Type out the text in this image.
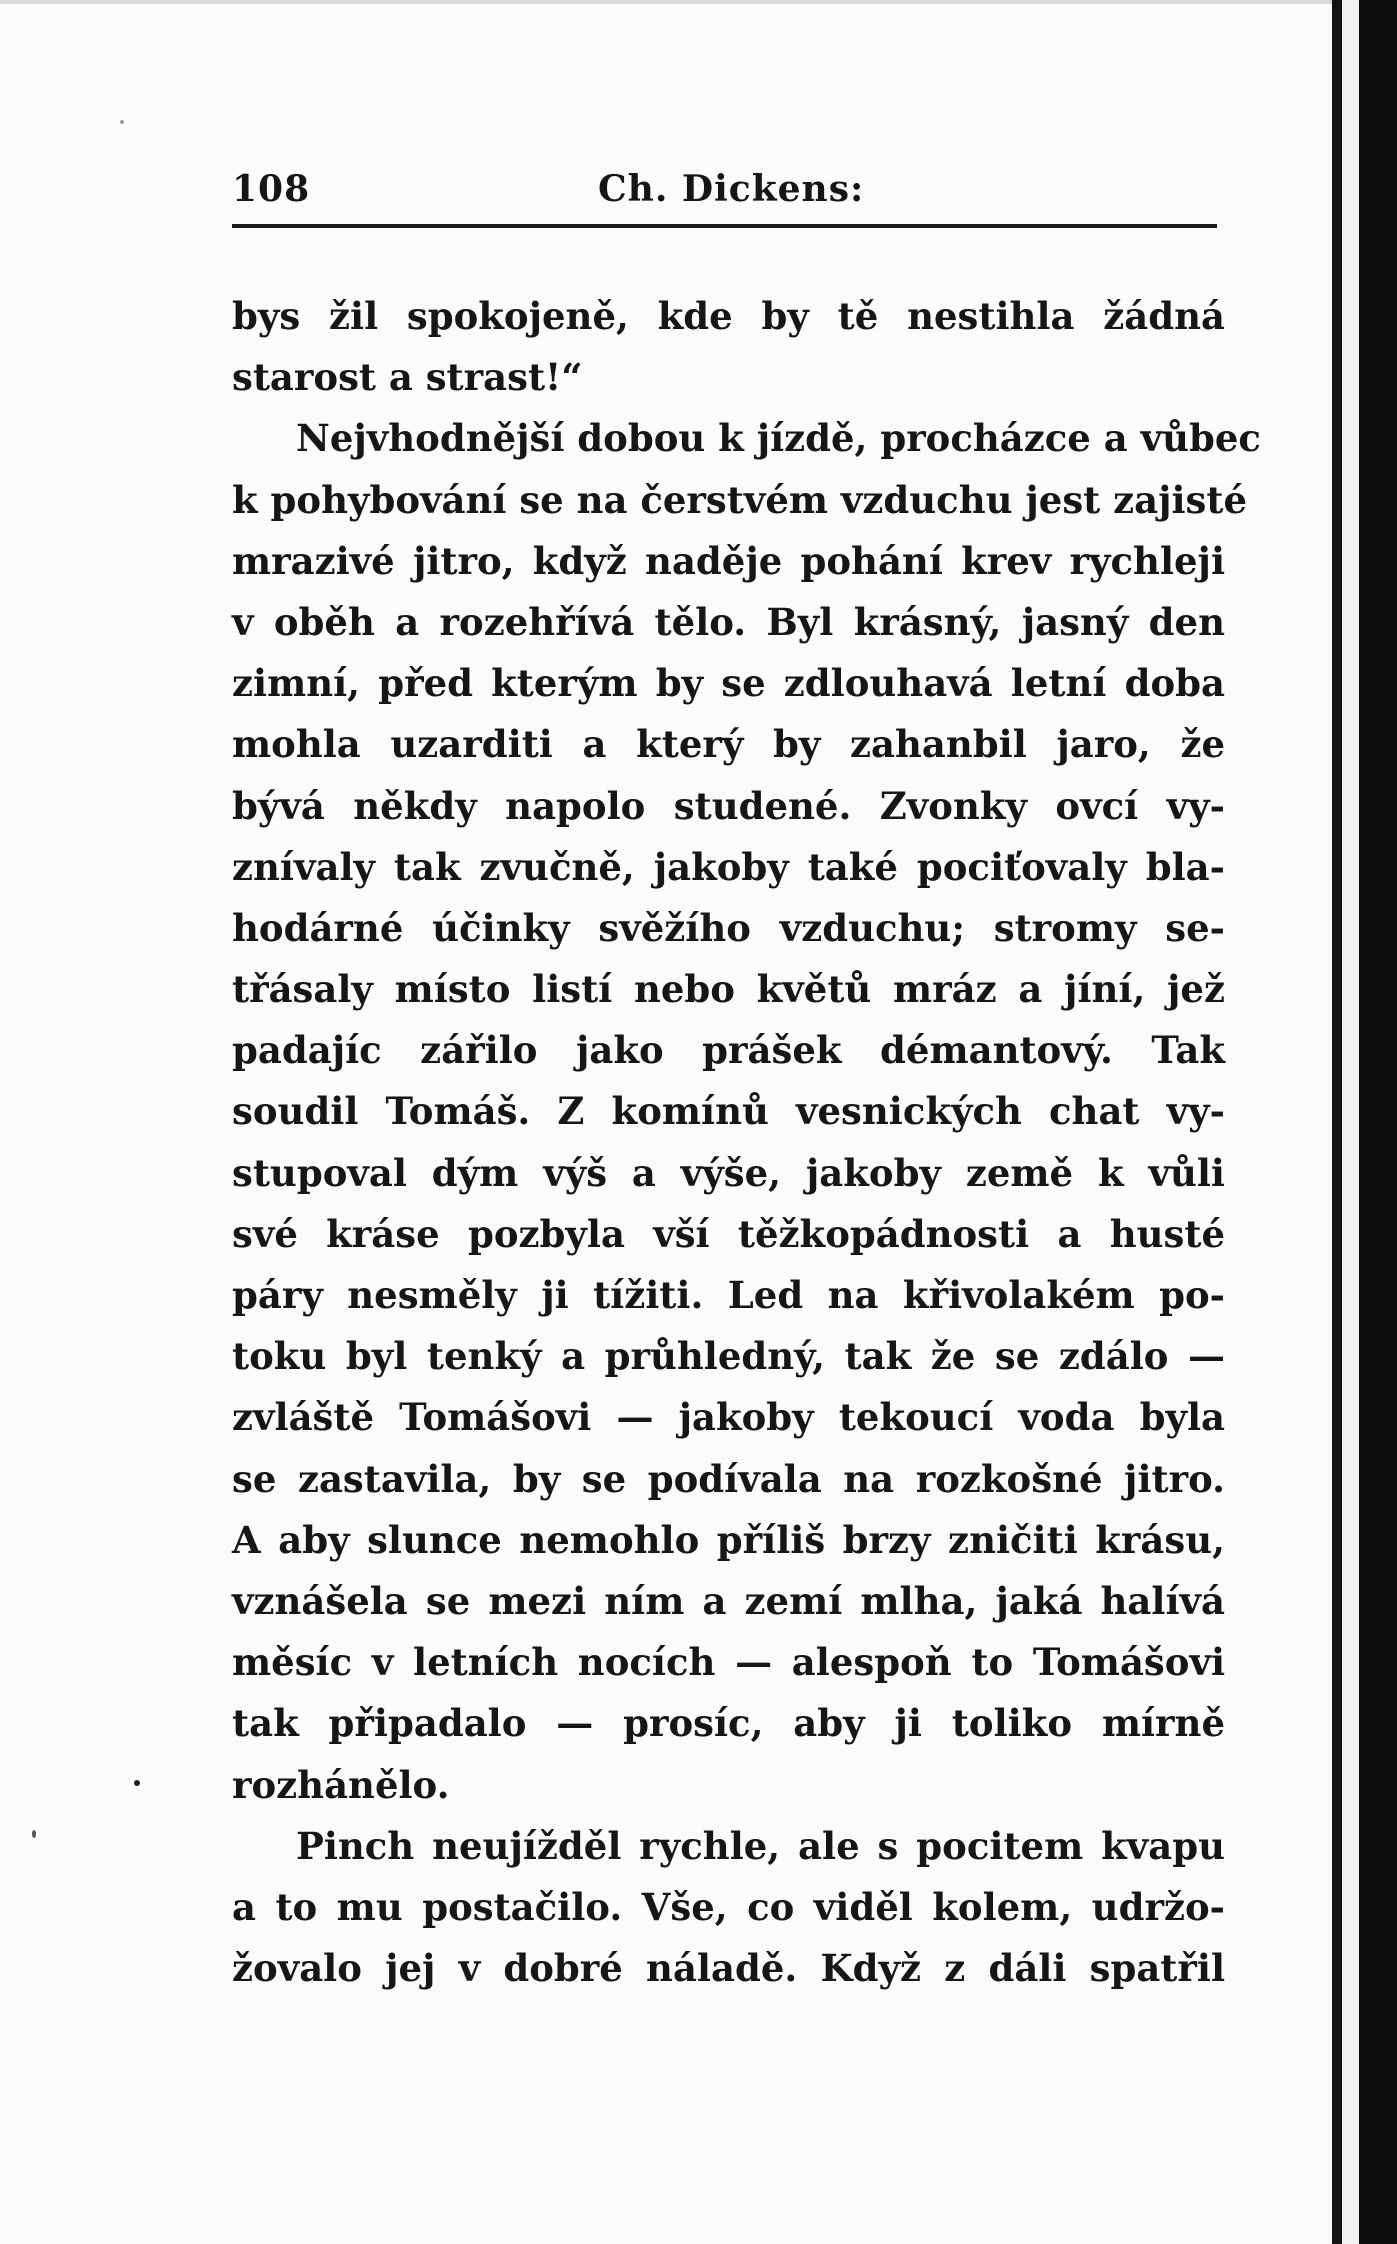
108	Ch. Dickens:
bys žil spokojeně, kde by tě nestihla žádná
starost a strast!“
Nejvhodnější dobou k jízdě, procházce a vůbec
k pohybování se na čerstvém vzduchu jest zajisté
mrazivé jitro, když naděje pohání krev rychleji
v oběh a rozehřívá tělo. Byl krásný, jasný den
zimní, před kterým by se zdlouhavá letní doba
mohla uzarditi a který by zahanbil jaro, že
bývá někdy napolo studené. Zvonky ovcí vy-
znívaly tak zvučně, jakoby také pociťovaly bla-
hodárné účinky svěžího vzduchu; stromy se-
třásaly místo listí nebo květů mráz a jíní, jež
padajíc zářilo jako prášek démantový. Tak
soudil Tomáš. Z komínů vesnických chat vy-
stupoval dým výš a výše, jakoby země k vůli
své kráse pozbyla vší těžkopádnosti a husté
páry nesměly ji tížiti. Led na křivolakém po-
toku byl tenký a průhledný, tak že se zdálo —
zvláště Tomášovi — jakoby tekoucí voda byla
se zastavila, by se podívala na rozkošné jitro.
A aby slunce nemohlo příliš brzy zničiti krásu,
vznášela se mezi ním a zemí mlha, jaká halívá
měsíc v letních nocích — alespoň to Tomášovi
tak připadalo — prosíc, aby ji toliko mírně
rozhánělo.
Pinch neujížděl rychle, ale s pocitem kvapu
a to mu postačilo. Vše, co viděl kolem, udržo-
žovalo jej v dobré náladě. Když z dáli spatřil
